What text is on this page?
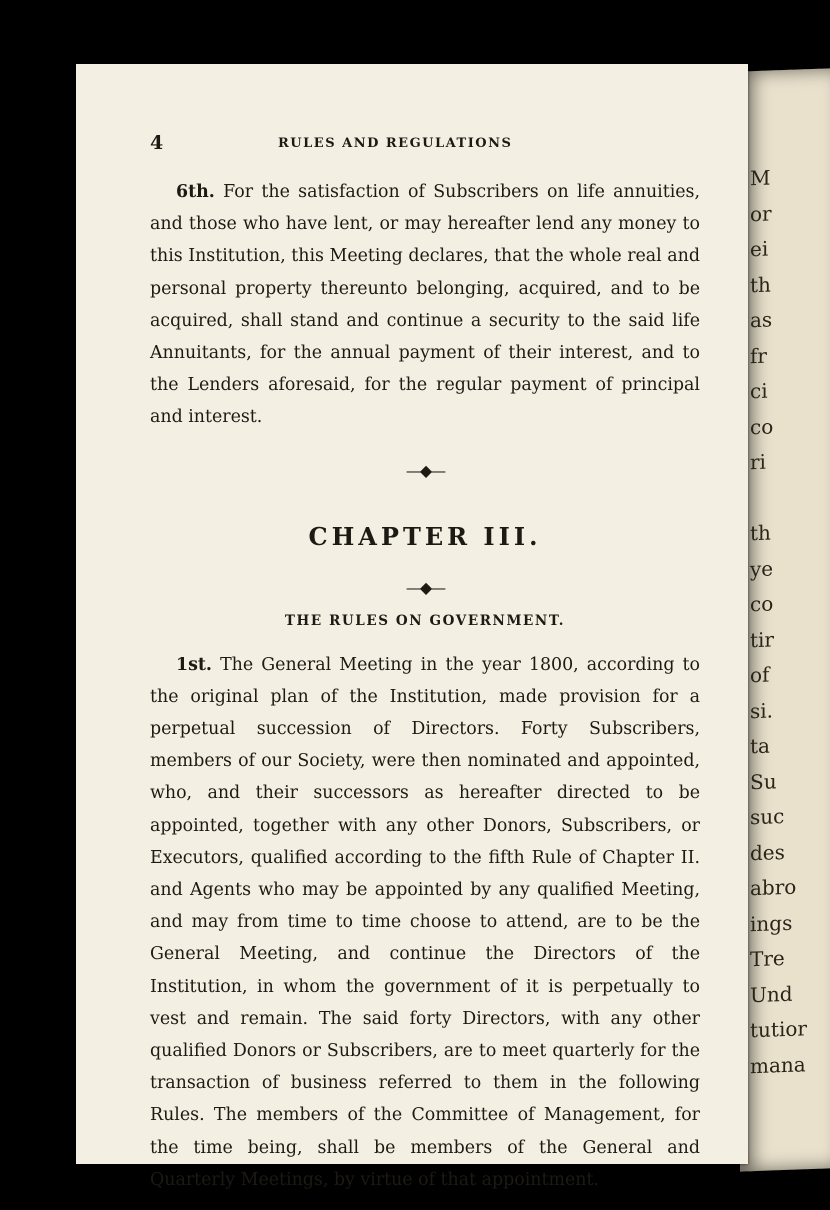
M
or
ei
th
as
fr
ci
co
ri

th
ye
co
tir
of
si.
ta
Su
suc
des
abro
ings
Tre
Und
tutior
mana
4	RULES AND REGULATIONS

6th. For the satisfaction of Subscribers on life annuities, and those who have lent, or may hereafter lend any money to this Institution, this Meeting declares, that the whole real and personal property thereunto belonging, acquired, and to be acquired, shall stand and continue a security to the said life Annuitants, for the annual payment of their interest, and to the Lenders aforesaid, for the regular payment of principal and interest.

—◆—

CHAPTER III.

—◆—

THE RULES ON GOVERNMENT.

1st. The General Meeting in the year 1800, according to the original plan of the Institution, made provision for a perpetual succession of Directors. Forty Subscribers, members of our Society, were then nominated and appointed, who, and their successors as hereafter directed to be appointed, together with any other Donors, Subscribers, or Executors, qualified according to the fifth Rule of Chapter II. and Agents who may be appointed by any qualified Meeting, and may from time to time choose to attend, are to be the General Meeting, and continue the Directors of the Institution, in whom the government of it is perpetually to vest and remain. The said forty Directors, with any other qualified Donors or Subscribers, are to meet quarterly for the transaction of business referred to them in the following Rules. The members of the Committee of Management, for the time being, shall be members of the General and Quarterly Meetings, by virtue of that appointment.
